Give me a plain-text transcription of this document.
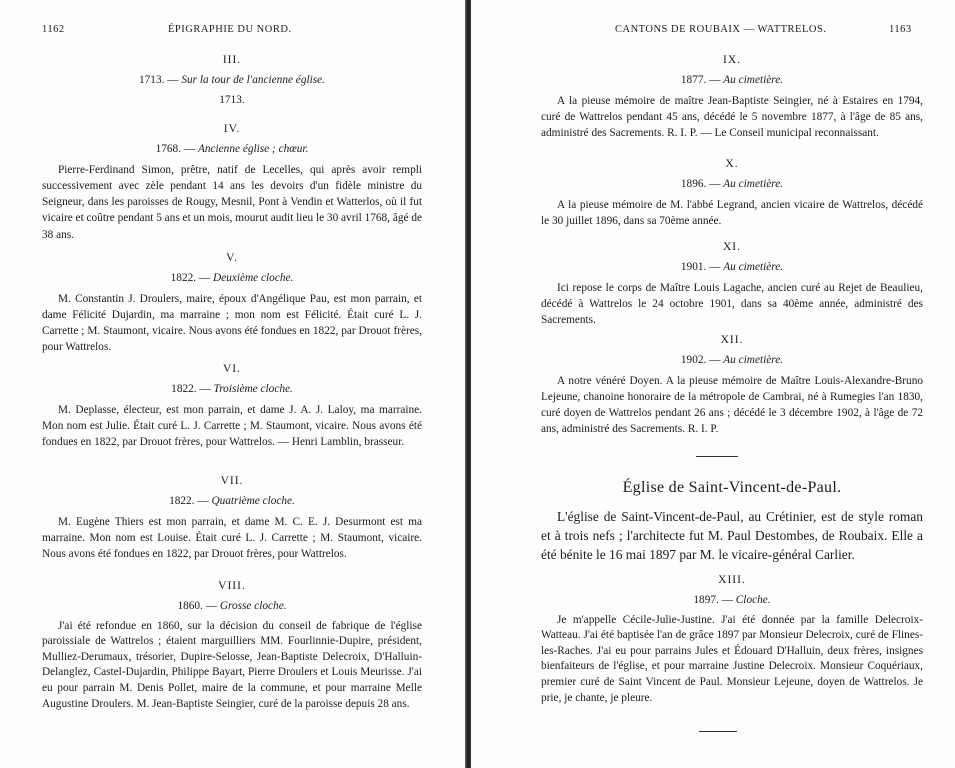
1162	ÉPIGRAPHIE DU NORD.
III.
1713. — Sur la tour de l'ancienne église.
1713.
IV.
1768. — Ancienne église ; chœur.

Pierre-Ferdinand Simon, prêtre, natif de Lecelles, qui après avoir rempli successivement avec zèle pendant 14 ans les devoirs d'un fidèle ministre du Seigneur, dans les paroisses de Rougy, Mesnil, Pont à Vendin et Watterlos, où il fut vicaire et coûtre pendant 5 ans et un mois, mourut audit lieu le 30 avril 1768, âgé de 38 ans.

V.
1822. — Deuxième cloche.

M. Constantin J. Droulers, maire, époux d'Angélique Pau, est mon parrain, et dame Félicité Dujardin, ma marraine ; mon nom est Félicité. Était curé L. J. Carrette ; M. Staumont, vicaire. Nous avons été fondues en 1822, par Drouot frères, pour Wattrelos.

VI.
1822. — Troisième cloche.

M. Deplasse, électeur, est mon parrain, et dame J. A. J. Laloy, ma marraine. Mon nom est Julie. Était curé L. J. Carrette ; M. Staumont, vicaire. Nous avons été fondues en 1822, par Drouot frères, pour Wattrelos. — Henri Lamblin, brasseur.

VII.
1822. — Quatrième cloche.

M. Eugène Thiers est mon parrain, et dame M. C. E. J. Desurmont est ma marraine. Mon nom est Louise. Était curé L. J. Carrette ; M. Staumont, vicaire. Nous avons été fondues en 1822, par Drouot frères, pour Wattrelos.

VIII.
1860. — Grosse cloche.

J'ai été refondue en 1860, sur la décision du conseil de fabrique de l'église paroissiale de Wattrelos ; étaient marguilliers MM. Fourlinnie-Dupire, président, Mulliez-Derumaux, trésorier, Dupire-Selosse, Jean-Baptiste Delecroix, D'Halluin-Delanglez, Castel-Dujardin, Philippe Bayart, Pierre Droulers et Louis Meurisse. J'ai eu pour parrain M. Denis Pollet, maire de la commune, et pour marraine Melle Augustine Droulers. M. Jean-Baptiste Seingier, curé de la paroisse depuis 28 ans.

CANTONS DE ROUBAIX — WATTRELOS.	1163
IX.
1877. — Au cimetière.

A la pieuse mémoire de maître Jean-Baptiste Seingier, né à Estaires en 1794, curé de Wattrelos pendant 45 ans, décédé le 5 novembre 1877, à l'âge de 85 ans, administré des Sacrements. R. I. P. — Le Conseil municipal reconnaissant.

X.
1896. — Au cimetière.

A la pieuse mémoire de M. l'abbé Legrand, ancien vicaire de Wattrelos, décédé le 30 juillet 1896, dans sa 70ème année.

XI.
1901. — Au cimetière.

Ici repose le corps de Maître Louis Lagache, ancien curé au Rejet de Beaulieu, décédé à Wattrelos le 24 octobre 1901, dans sa 40ème année, administré des Sacrements.

XII.
1902. — Au cimetière.

A notre vénéré Doyen. A la pieuse mémoire de Maître Louis-Alexandre-Bruno Lejeune, chanoine honoraire de la métropole de Cambrai, né à Rumegies l'an 1830, curé doyen de Wattrelos pendant 26 ans ; décédé le 3 décembre 1902, à l'âge de 72 ans, administré des Sacrements. R. I. P.

Église de Saint-Vincent-de-Paul.

L'église de Saint-Vincent-de-Paul, au Crétinier, est de style roman et à trois nefs ; l'architecte fut M. Paul Destombes, de Roubaix. Elle a été bénite le 16 mai 1897 par M. le vicaire-général Carlier.

XIII.
1897. — Cloche.

Je m'appelle Cécile-Julie-Justine. J'ai été donnée par la famille Delecroix-Watteau. J'ai été baptisée l'an de grâce 1897 par Monsieur Delecroix, curé de Flines-les-Raches. J'ai eu pour parrains Jules et Édouard D'Halluin, deux frères, insignes bienfaiteurs de l'église, et pour marraine Justine Delecroix. Monsieur Coquériaux, premier curé de Saint Vincent de Paul. Monsieur Lejeune, doyen de Wattrelos. Je prie, je chante, je pleure.
